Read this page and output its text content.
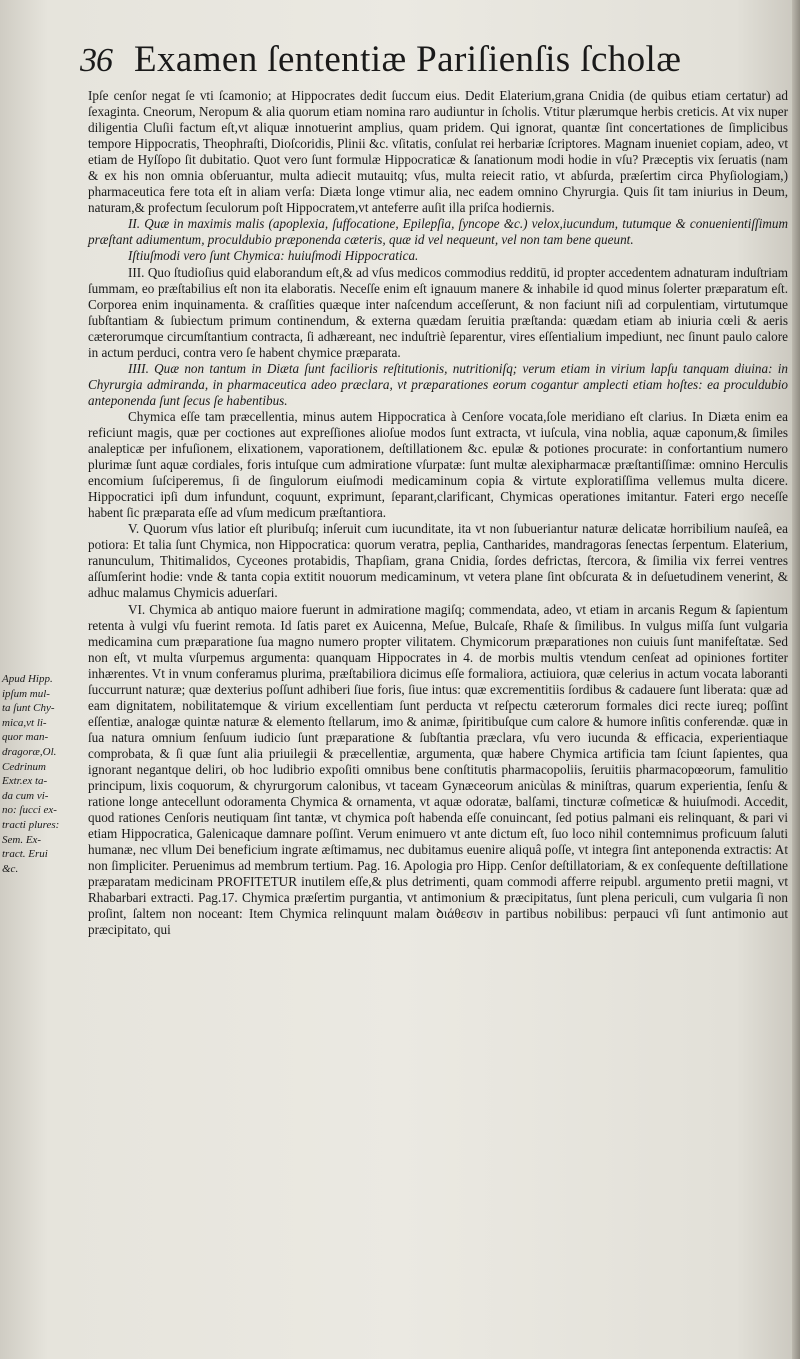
36 Examen ſententiæ Pariſienſis ſcholæ
Apud Hipp.
ipſum mul-
ta ſunt Chy-
mica,vt li-
quor man-
dragoræ,Ol.
Cedrinum
Extr.ex ta-
da cum vi-
no: ſucci ex-
tracti plures:
Sem. Ex-
tract. Erui
&c.

Ipſe cenſor negat ſe vti ſcamonio; at Hippocrates dedit ſuccum eius. Dedit Elaterium,grana Cnidia (de quibus etiam certatur) ad ſexaginta. Cneorum, Neropum & alia quorum etiam nomina raro audiuntur in ſcholis. Vtitur plærumque herbis creticis. At vix nuper diligentia Cluſii factum eſt,vt aliquæ innotuerint amplius, quam pridem. Qui ignorat, quantæ ſint concertationes de ſimplicibus tempore Hippocratis, Theophraſti, Dioſcoridis, Plinii &c. vſitatis, conſulat rei herbariæ ſcriptores. Magnam inueniet copiam, adeo, vt etiam de Hyſſopo ſit dubitatio. Quot vero ſunt formulæ Hippocraticæ & ſanationum modi hodie in vſu? Præceptis vix ſeruatis (nam & ex his non omnia obſeruantur, multa adiecit mutauitq; vſus, multa reiecit ratio, vt abſurda, præſertim circa Phyſiologiam,) pharmaceutica fere tota eſt in aliam verſa: Diæta longe vtimur alia, nec eadem omnino Chyrurgia. Quis ſit tam iniurius in Deum, naturam,& profectum ſeculorum poſt Hippocratem,vt anteferre auſit illa priſca hodiernis.

II. Quæ in maximis malis (apoplexia, ſuffocatione, Epilepſia, ſyncope &c.) velox,iucundum, tutumque & conuenientiſſimum præſtant adiumentum, proculdubio præponenda cæteris, quæ id vel nequeunt, vel non tam bene queunt.

Iſtiuſmodi vero ſunt Chymica: huiuſmodi Hippocratica.

III. Quo ſtudioſius quid elaborandum eſt,& ad vſus medicos commodius redditū, id propter accedentem adnaturam induſtriam ſummam, eo præſtabilius eſt non ita elaboratis. Neceſſe enim eſt ignauum manere & inhabile id quod minus ſolerter præparatum eſt. Corporea enim inquinamenta. & craſſities quæque inter naſcendum acceſſerunt, & non faciunt niſi ad corpulentiam, virtutumque ſubſtantiam & ſubiectum primum continendum, & externa quædam ſeruitia præſtanda: quædam etiam ab iniuria cœli & aeris cæterorumque circumſtantium contracta, ſi adhæreant, nec induſtriè ſeparentur, vires eſſentialium impediunt, nec ſinunt paulo calore in actum perduci, contra vero ſe habent chymice præparata.

IIII. Quæ non tantum in Diæta ſunt facilioris reſtitutionis, nutritioniſq; verum etiam in virium lapſu tanquam diuina: in Chyrurgia admiranda, in pharmaceutica adeo præclara, vt præparationes eorum cogantur amplecti etiam hoſtes: ea proculdubio anteponenda ſunt ſecus ſe habentibus.

Chymica eſſe tam præcellentia, minus autem Hippocratica à Cenſore vocata,ſole meridiano eſt clarius. In Diæta enim ea reficiunt magis, quæ per coctiones aut expreſſiones alioſue modos ſunt extracta, vt iuſcula, vina noblia, aquæ caponum,& ſimiles analepticæ per infuſionem, elixationem, vaporationem, deſtillationem &c. epulæ & potiones procurate: in confortantium numero plurimæ ſunt aquæ cordiales, foris intuſque cum admiratione vſurpatæ: ſunt multæ alexipharmacæ præſtantiſſimæ: omnino Herculis encomium ſuſciperemus, ſi de ſingulorum eiuſmodi medicaminum copia & virtute exploratiſſima vellemus multa dicere. Hippocratici ipſi dum infundunt, coquunt, exprimunt, ſeparant,clarificant, Chymicas operationes imitantur. Fateri ergo neceſſe habent ſic præparata eſſe ad vſum medicum præſtantiora.

V. Quorum vſus latior eſt pluribuſq; inſeruit cum iucunditate, ita vt non ſubueriantur naturæ delicatæ horribilium nauſeâ, ea potiora: Et talia ſunt Chymica, non Hippocratica: quorum veratra, peplia, Cantharides, mandragoras ſenectas ſerpentum. Elaterium, ranunculum, Thitimalidos, Cyceones protabidis, Thapſiam, grana Cnidia, ſordes defrictas, ſtercora, & ſimilia vix ferrei ventres aſſumſerint hodie: vnde & tanta copia extitit nouorum medicaminum, vt vetera plane ſint obſcurata & in deſuetudinem venerint, & adhuc malamus Chymicis aduerſari.

VI. Chymica ab antiquo maiore fuerunt in admiratione magiſq; commendata, adeo, vt etiam in arcanis Regum & ſapientum retenta à vulgi vſu fuerint remota. Id ſatis paret ex Auicenna, Meſue, Bulcaſe, Rhaſe & ſimilibus. In vulgus miſſa ſunt vulgaria medicamina cum præparatione ſua magno numero propter vilitatem. Chymicorum præparationes non cuiuis ſunt manifeſtatæ. Sed non eſt, vt multa vſurpemus argumenta: quanquam Hippocrates in 4. de morbis multis vtendum cenſeat ad opiniones fortiter inhærentes. Vt in vnum conferamus plurima, præſtabiliora dicimus eſſe formaliora, actiuiora, quæ celerius in actum vocata laboranti ſuccurrunt naturæ; quæ dexterius poſſunt adhiberi ſiue foris, ſiue intus: quæ excrementitiis ſordibus & cadauere ſunt liberata: quæ ad eam dignitatem, nobilitatemque & virium excellentiam ſunt perducta vt reſpectu cæterorum formales dici recte iureq; poſſint eſſentiæ, analogæ quintæ naturæ & elemento ſtellarum, imo & animæ, ſpiritibuſque cum calore & humore inſitis conferendæ. quæ in ſua natura omnium ſenſuum iudicio ſunt præparatione & ſubſtantia præclara, vſu vero iucunda & efficacia, experientiaque comprobata, & ſi quæ ſunt alia priuilegii & præcellentiæ, argumenta, quæ habere Chymica artificia tam ſciunt ſapientes, qua ignorant negantque deliri, ob hoc ludibrio expoſiti omnibus bene conſtitutis pharmacopoliis, ſeruitiis pharmacopœorum, famulitio principum, lixis coquorum, & chyrurgorum calonibus, vt taceam Gynæceorum anicùlas & miniſtras, quarum experientia, ſenſu & ratione longe antecellunt odoramenta Chymica & ornamenta, vt aquæ odoratæ, balſami, tincturæ coſmeticæ & huiuſmodi. Accedit, quod rationes Cenſoris neutiquam ſint tantæ, vt chymica poſt habenda eſſe conuincant, ſed potius palmani eis relinquant, & pari vi etiam Hippocratica, Galenicaque damnare poſſint. Verum enimuero vt ante dictum eſt, ſuo loco nihil contemnimus proficuum ſaluti humanæ, nec vllum Dei beneficium ingrate æſtimamus, nec dubitamus euenire aliquâ poſſe, vt integra ſint anteponenda extractis: At non ſimpliciter. Peruenimus ad membrum tertium. Pag. 16. Apologia pro Hipp. Cenſor deſtillatoriam, & ex conſequente deſtillatione præparatam medicinam PROFITETUR inutilem eſſe,& plus detrimenti, quam commodi afferre reipubl. argumento pretii magni, vt Rhabarbari extracti. Pag.17. Chymica præſertim purgantia, vt antimonium & præcipitatus, ſunt plena periculi, cum vulgaria ſi non proſint, ſaltem non noceant: Item Chymica relinquunt malam ꝺιάθεσιν in partibus nobilibus: perpauci vſi ſunt antimonio aut præcipitato, qui
